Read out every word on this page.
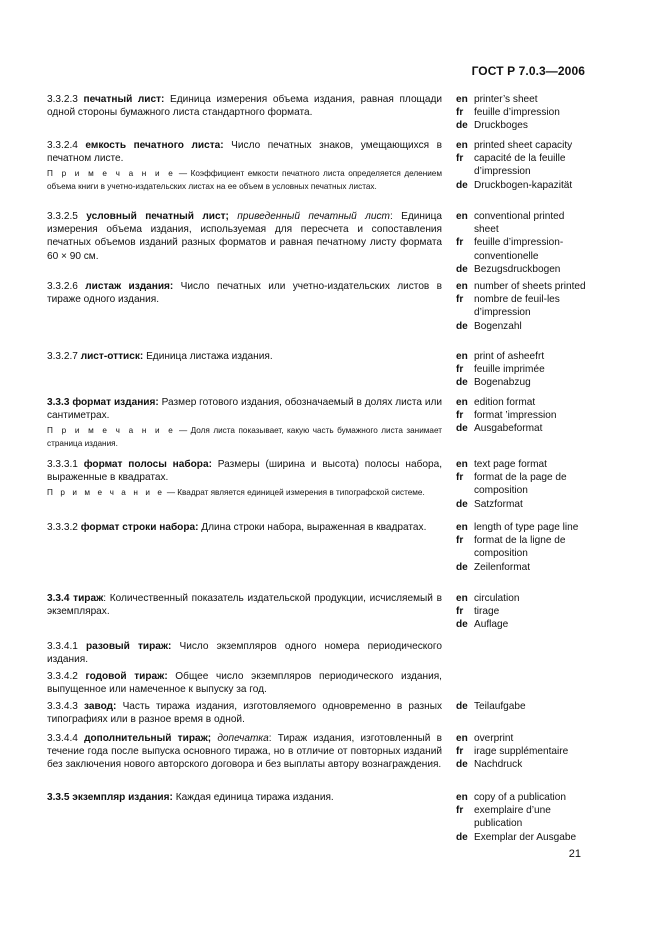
ГОСТ Р 7.0.3—2006
3.3.2.3 печатный лист: Единица измерения объема издания, равная площади одной стороны бумажного листа стандартного формата.
en printer’s sheet
fr	feuille d’impression
de Druckboges
3.3.2.4 емкость печатного листа: Число печатных знаков, умещающихся в печатном листе.
П р и м е ч а н и е — Коэффициент емкости печатного листа определяется делением объема книги в учетно-издательских листах на ее объем в условных печатных листах.
en printed sheet capacity
fr	capacité de la feuille d’impression
de Druckbogen-kapazität
3.3.2.5 условный печатный лист; приведенный печатный лист: Единица измерения объема издания, используемая для пересчета и сопоставления печатных объемов изданий разных форматов и равная печатному листу формата 60 × 90 см.
en conventional printed sheet
fr	feuille d’impression-conventionelle
de Bezugsdruckbogen
3.3.2.6 листаж издания: Число печатных или учетно-издательских листов в тираже одного издания.
en number of sheets printed
fr	nombre de feuil-les d’impression
de Bogenzahl
3.3.2.7 лист-оттиск: Единица листажа издания.	en print of asheefrt
fr	feuille imprimée
de Bogenabzug
3.3.3 формат издания: Размер готового издания, обозначаемый в долях листа или сантиметрах.
П р и м е ч а н и е — Доля листа показывает, какую часть бумажного листа занимает страница издания.
en edition format
fr	format ’impression
de Ausgabeformat
3.3.3.1 формат полосы набора: Размеры (ширина и высота) полосы набора, выраженные в квадратах.
П р и м е ч а н и е — Квадрат является единицей измерения в типографской системе.
en text page format
fr	format de la page de composition
de Satzformat
3.3.3.2 формат строки набора: Длина строки набора, выраженная в квадратах.	en length of type page line
fr	format de la ligne de composition
de Zeilenformat
3.3.4 тираж: Количественный показатель издательской продукции, исчисляемый в экземплярах.
en circulation
fr	tirage
de Auflage
3.3.4.1 разовый тираж: Число экземпляров одного номера периодического издания.
3.3.4.2 годовой тираж: Общее число экземпляров периодического издания, выпущенное или намеченное к выпуску за год.
3.3.4.3 завод: Часть тиража издания, изготовляемого одновременно в разных типографиях или в разное время в одной.
de Teilaufgabe
3.3.4.4 дополнительный тираж; допечатка: Тираж издания, изготовленный в течение года после выпуска основного тиража, но в отличие от повторных изданий без заключения нового авторского договора и без выплаты автору вознаграждения.
en overprint
fr	irage supplémentaire
de Nachdruck
3.3.5 экземпляр издания: Каждая единица тиража издания.	en copy of a publication
fr	exemplaire d’une publication
de Exemplar der Ausgabe
21
